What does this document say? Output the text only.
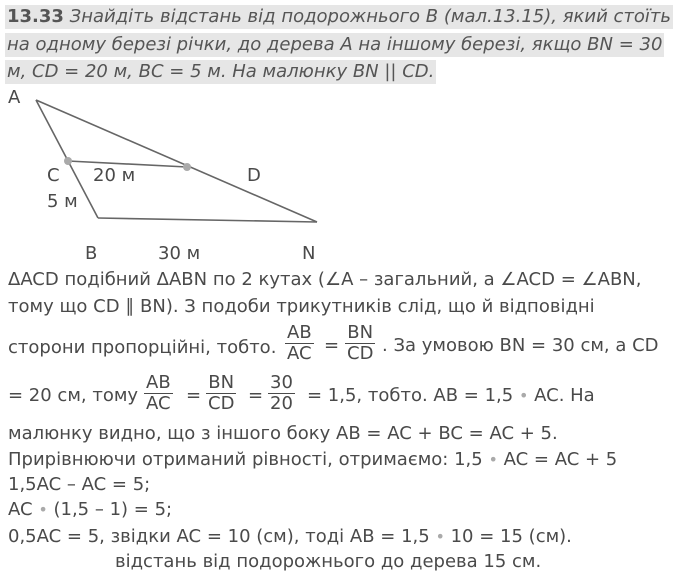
13.33 Знайдіть відстань від подорожнього B (мал.13.15), який стоїть
на одному березі річки, до дерева A на іншому березі, якщо BN = 30
м, CD = 20 м, BC = 5 м. На малюнку BN || CD.
A
C 20 м	D
5 м
B	30 м	N
ΔACD подібний ΔABN по 2 кутах (∠A – загальний, а ∠ACD = ∠ABN,
тому що CD ∥ BN). З подоби трикутників слід, що й відповідні
сторони пропорційні, тобто. $\frac{AB}{AC} = \frac{BN}{CD}$ . За умовою BN = 30 см, а CD
= 20 см, тому $\frac{AB}{AC} = \frac{BN}{CD} = \frac{30}{20} = 1,5$, тобто. AB = 1,5 • AC. На
малюнку видно, що з іншого боку AB = AC + BC = AC + 5.
Прирівнюючи отриманий рівності, отримаємо: 1,5 • AC = AC + 5
1,5AC – AC = 5;
AC • (1,5 – 1) = 5;
0,5AC = 5, звідки AC = 10 (см), тоді AB = 1,5 • 10 = 15 (см).
відстань від подорожнього до дерева 15 см.
